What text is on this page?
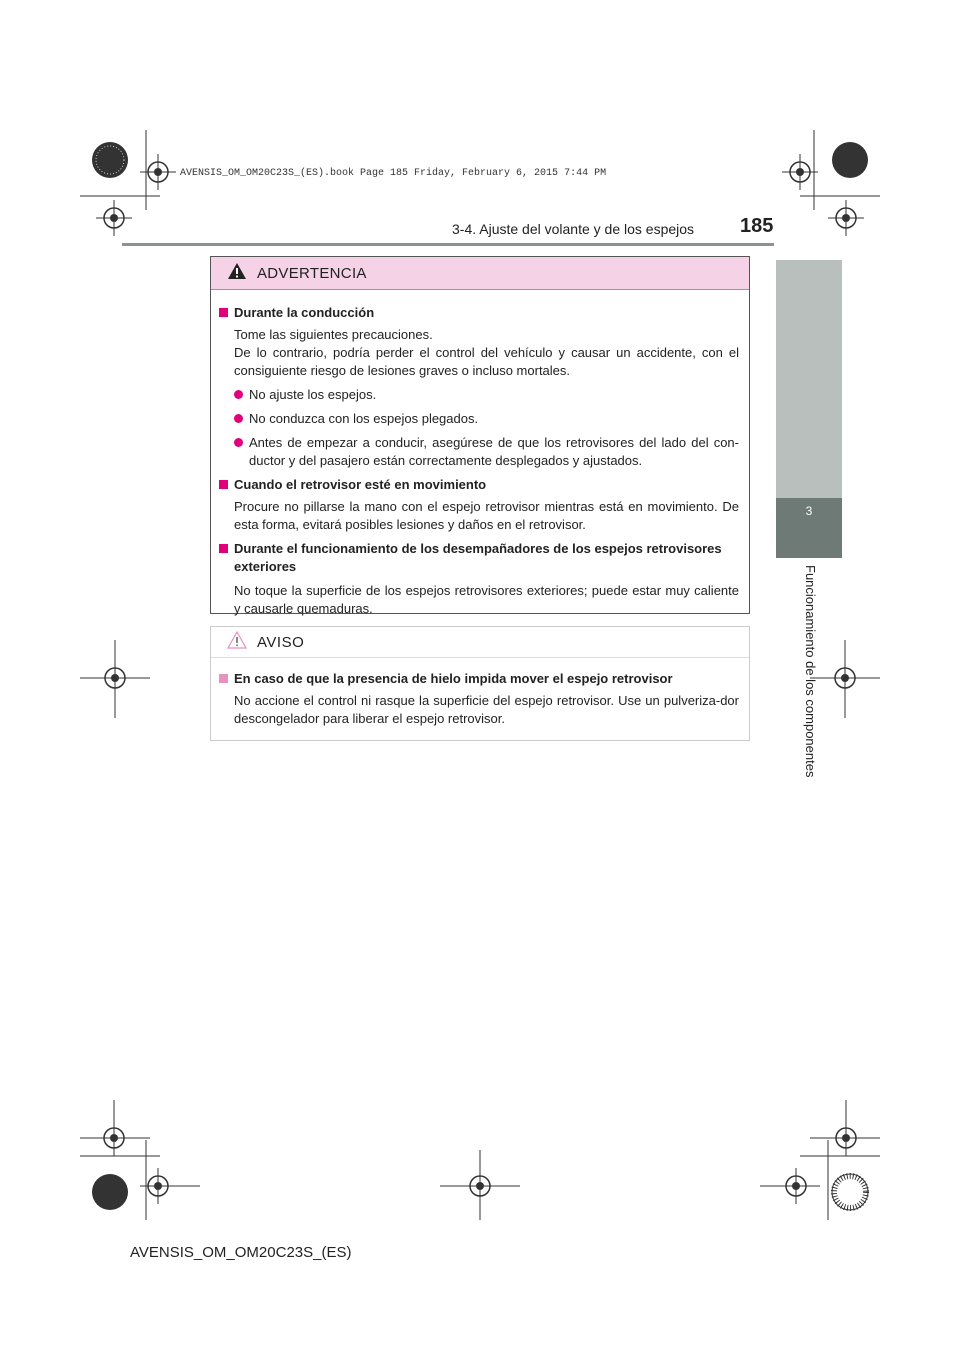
AVENSIS_OM_OM20C23S_(ES).book Page 185 Friday, February 6, 2015 7:44 PM
3-4. Ajuste del volante y de los espejos 185
3
Funcionamiento de los componentes
ADVERTENCIA
Durante la conducción
Tome las siguientes precauciones.
De lo contrario, podría perder el control del vehículo y causar un accidente, con el consiguiente riesgo de lesiones graves o incluso mortales.
No ajuste los espejos.
No conduzca con los espejos plegados.
Antes de empezar a conducir, asegúrese de que los retrovisores del lado del con-ductor y del pasajero están correctamente desplegados y ajustados.
Cuando el retrovisor esté en movimiento
Procure no pillarse la mano con el espejo retrovisor mientras está en movimiento. De esta forma, evitará posibles lesiones y daños en el retrovisor.
Durante el funcionamiento de los desempañadores de los espejos retrovisores exteriores
No toque la superficie de los espejos retrovisores exteriores; puede estar muy caliente y causarle quemaduras.
AVISO
En caso de que la presencia de hielo impida mover el espejo retrovisor
No accione el control ni rasque la superficie del espejo retrovisor. Use un pulveriza-dor descongelador para liberar el espejo retrovisor.
AVENSIS_OM_OM20C23S_(ES)
